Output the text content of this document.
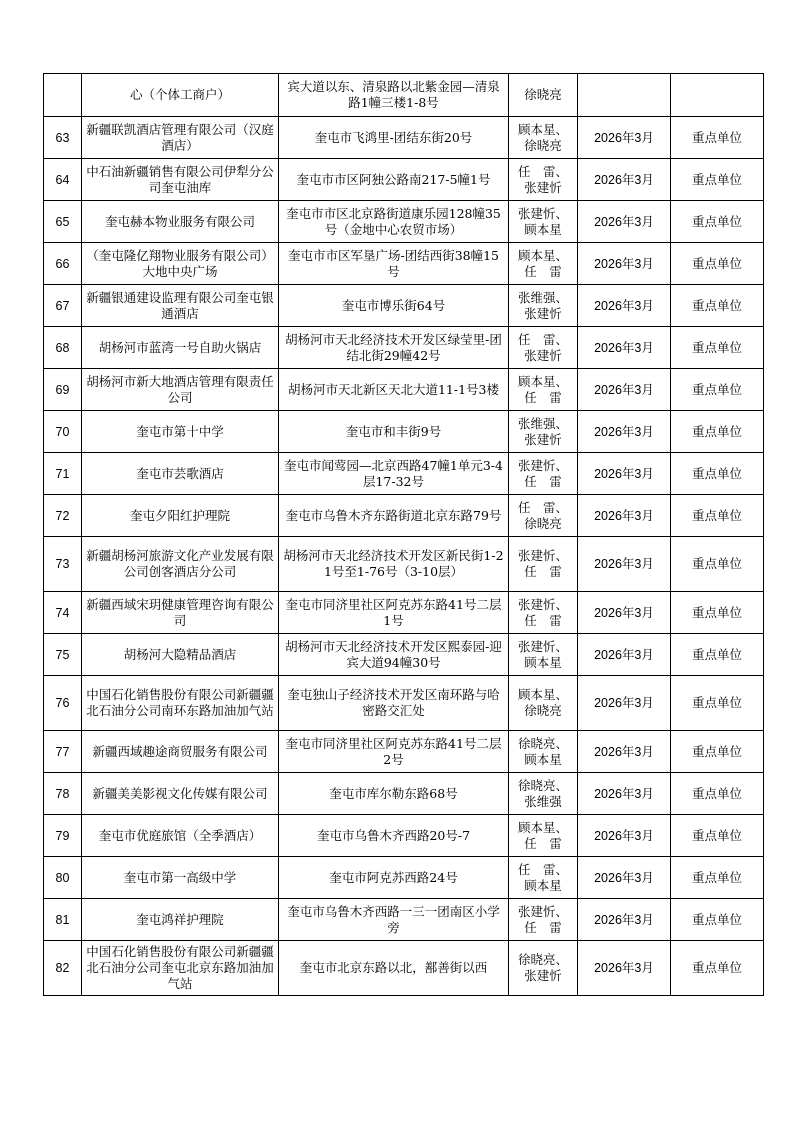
	心（个体工商户）	宾大道以东、清泉路以北紫金园—清泉路1幢三楼1-8号	徐晓亮		
63	新疆联凯酒店管理有限公司（汉庭酒店）	奎屯市飞鸿里-团结东街20号	顾本星、徐晓亮	2026年3月	重点单位
64	中石油新疆销售有限公司伊犁分公司奎屯油库	奎屯市市区阿独公路南217-5幢1号	任　雷、张建忻	2026年3月	重点单位
65	奎屯赫本物业服务有限公司	奎屯市市区北京路街道康乐园128幢35号（金地中心农贸市场）	张建忻、顾本星	2026年3月	重点单位
66	（奎屯隆亿翔物业服务有限公司）大地中央广场	奎屯市市区军垦广场-团结西街38幢15号	顾本星、任　雷	2026年3月	重点单位
67	新疆银通建设监理有限公司奎屯银通酒店	奎屯市博乐街64号	张维强、张建忻	2026年3月	重点单位
68	胡杨河市蓝湾一号自助火锅店	胡杨河市天北经济技术开发区绿莹里-团结北街29幢42号	任　雷、张建忻	2026年3月	重点单位
69	胡杨河市新大地酒店管理有限责任公司	胡杨河市天北新区天北大道11-1号3楼	顾本星、任　雷	2026年3月	重点单位
70	奎屯市第十中学	奎屯市和丰街9号	张维强、张建忻	2026年3月	重点单位
71	奎屯市芸歌酒店	奎屯市闻莺园—北京西路47幢1单元3-4层17-32号	张建忻、任　雷	2026年3月	重点单位
72	奎屯夕阳红护理院	奎屯市乌鲁木齐东路街道北京东路79号	任　雷、徐晓亮	2026年3月	重点单位
73	新疆胡杨河旅游文化产业发展有限公司创客酒店分公司	胡杨河市天北经济技术开发区新民街1-21号至1-76号（3-10层）	张建忻、任　雷	2026年3月	重点单位
74	新疆西域宋玥健康管理咨询有限公司	奎屯市同济里社区阿克苏东路41号二层1号	张建忻、任　雷	2026年3月	重点单位
75	胡杨河大隐精品酒店	胡杨河市天北经济技术开发区熙泰园-迎宾大道94幢30号	张建忻、顾本星	2026年3月	重点单位
76	中国石化销售股份有限公司新疆疆北石油分公司南环东路加油加气站	奎屯独山子经济技术开发区南环路与哈密路交汇处	顾本星、徐晓亮	2026年3月	重点单位
77	新疆西域趣途商贸服务有限公司	奎屯市同济里社区阿克苏东路41号二层2号	徐晓亮、顾本星	2026年3月	重点单位
78	新疆美美影视文化传媒有限公司	奎屯市库尔勒东路68号	徐晓亮、张维强	2026年3月	重点单位
79	奎屯市优庭旅馆（全季酒店）	奎屯市乌鲁木齐西路20号-7	顾本星、任　雷	2026年3月	重点单位
80	奎屯市第一高级中学	奎屯市阿克苏西路24号	任　雷、顾本星	2026年3月	重点单位
81	奎屯鸿祥护理院	奎屯市乌鲁木齐西路一三一团南区小学旁	张建忻、任　雷	2026年3月	重点单位
82	中国石化销售股份有限公司新疆疆北石油分公司奎屯北京东路加油加气站	奎屯市北京东路以北，鄯善街以西	徐晓亮、张建忻	2026年3月	重点单位
